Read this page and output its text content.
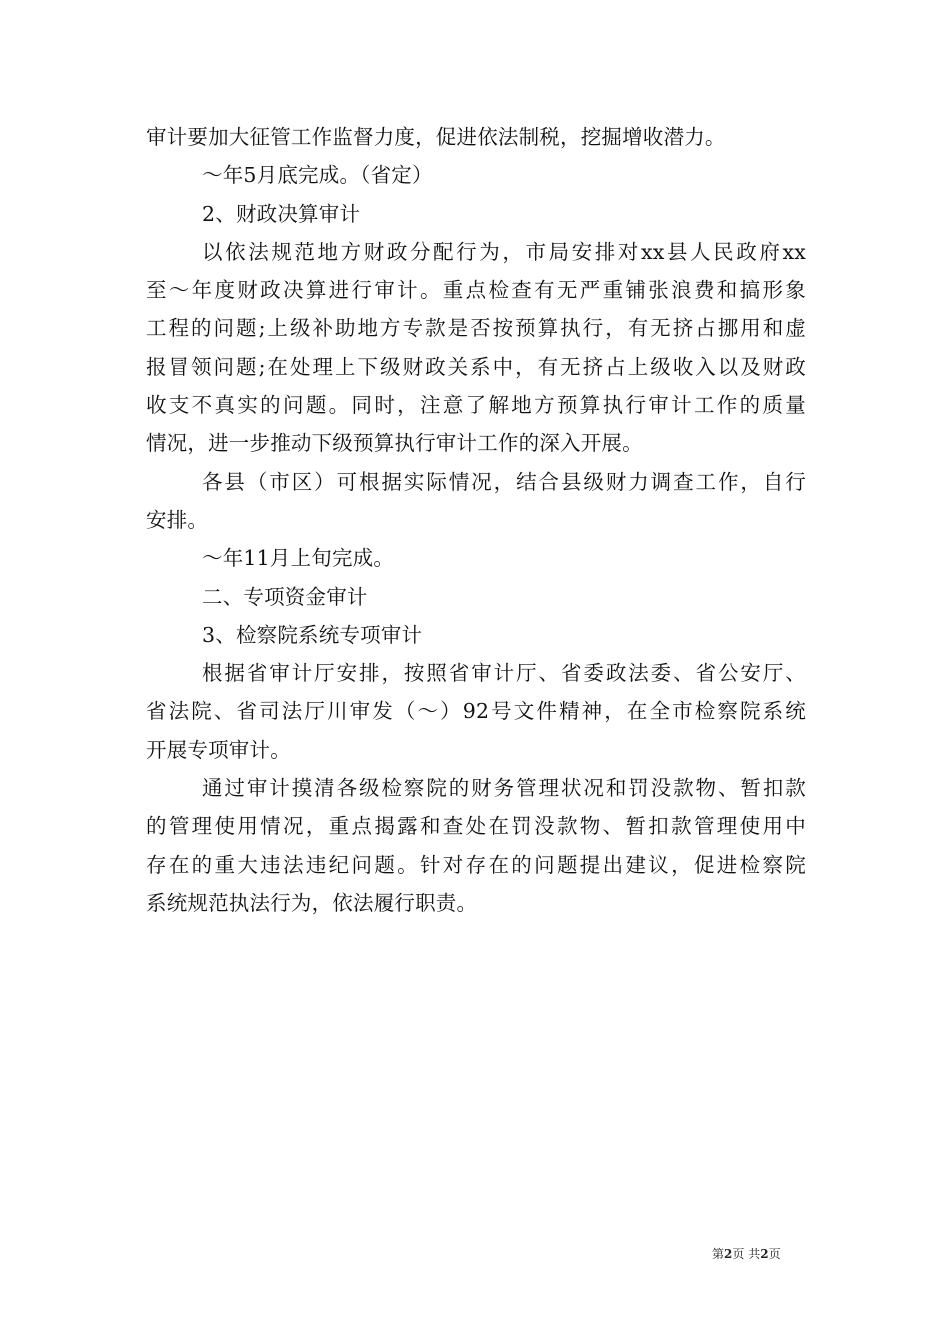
审计要加大征管工作监督力度，促进依法制税，挖掘增收潜力。
～年5月底完成。（省定）
2、财政决算审计
以依法规范地方财政分配行为，市局安排对xx县人民政府xx
至～年度财政决算进行审计。重点检查有无严重铺张浪费和搞形象
工程的问题;上级补助地方专款是否按预算执行，有无挤占挪用和虚
报冒领问题;在处理上下级财政关系中，有无挤占上级收入以及财政
收支不真实的问题。同时，注意了解地方预算执行审计工作的质量
情况，进一步推动下级预算执行审计工作的深入开展。
各县（市区）可根据实际情况，结合县级财力调查工作，自行
安排。
～年11月上旬完成。
二、专项资金审计
3、检察院系统专项审计
根据省审计厅安排，按照省审计厅、省委政法委、省公安厅、
省法院、省司法厅川审发（～）92号文件精神，在全市检察院系统
开展专项审计。
通过审计摸清各级检察院的财务管理状况和罚没款物、暂扣款
的管理使用情况，重点揭露和查处在罚没款物、暂扣款管理使用中
存在的重大违法违纪问题。针对存在的问题提出建议，促进检察院
系统规范执法行为，依法履行职责。
第2页 共2页
